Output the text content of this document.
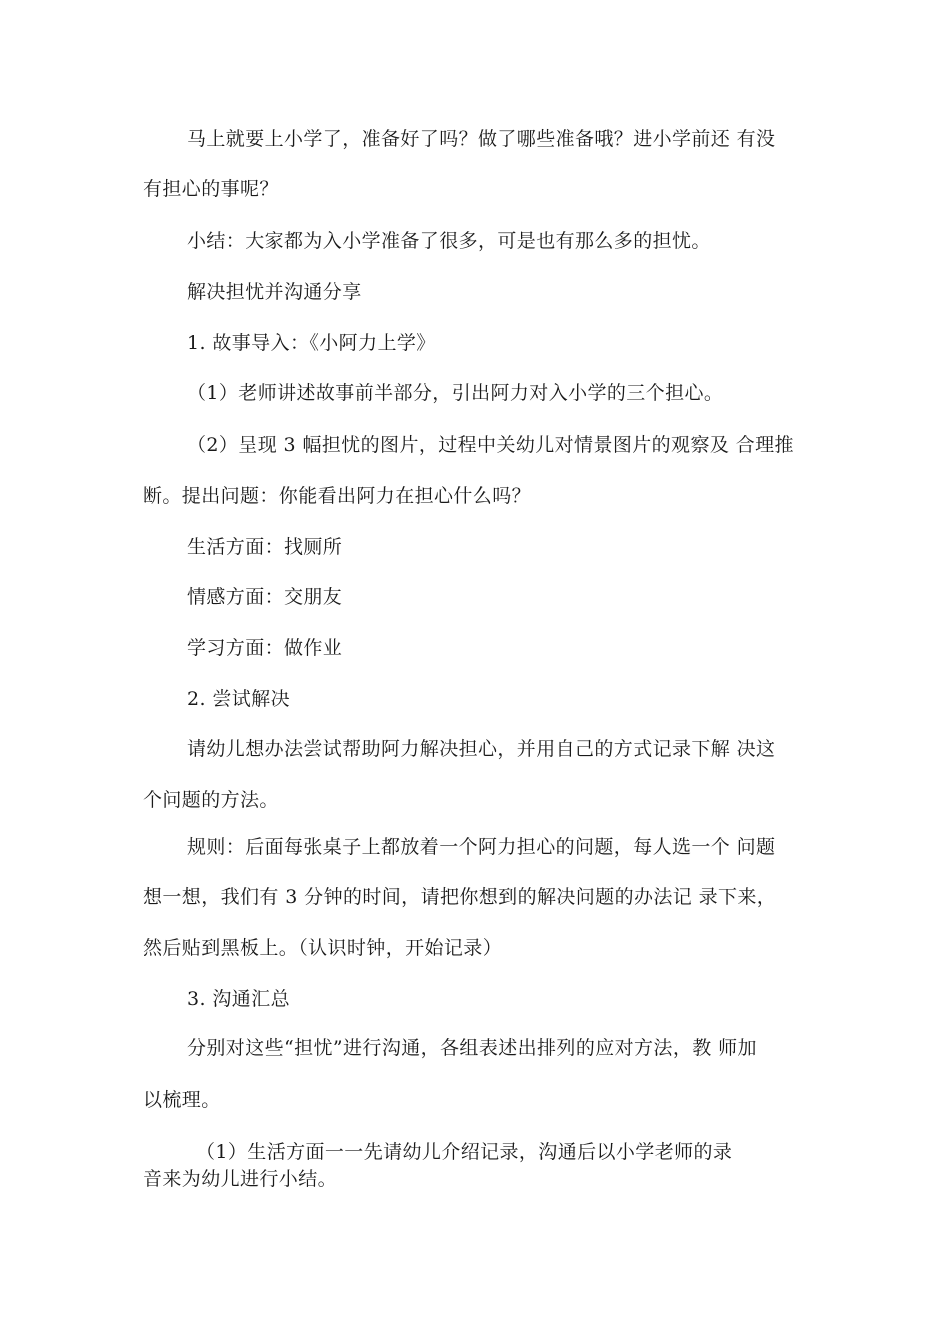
马上就要上小学了，准备好了吗？做了哪些准备哦？进小学前还 有没
有担心的事呢？
小结：大家都为入小学准备了很多，可是也有那么多的担忧。
解决担忧并沟通分享
1. 故事导入：《小阿力上学》
（1）老师讲述故事前半部分，引出阿力对入小学的三个担心。
（2）呈现 3 幅担忧的图片，过程中关幼儿对情景图片的观察及 合理推
断。提出问题：你能看出阿力在担心什么吗？
生活方面：找厕所
情感方面：交朋友
学习方面：做作业
2. 尝试解决
请幼儿想办法尝试帮助阿力解决担心，并用自己的方式记录下解 决这
个问题的方法。
规则：后面每张桌子上都放着一个阿力担心的问题，每人选一个 问题
想一想，我们有 3 分钟的时间，请把你想到的解决问题的办法记 录下来，
然后贴到黑板上。（认识时钟，开始记录）
3. 沟通汇总
分别对这些“担忧”进行沟通，各组表述出排列的应对方法，教 师加
以梳理。
（1）生活方面一一先请幼儿介绍记录，沟通后以小学老师的录
音来为幼儿进行小结。
